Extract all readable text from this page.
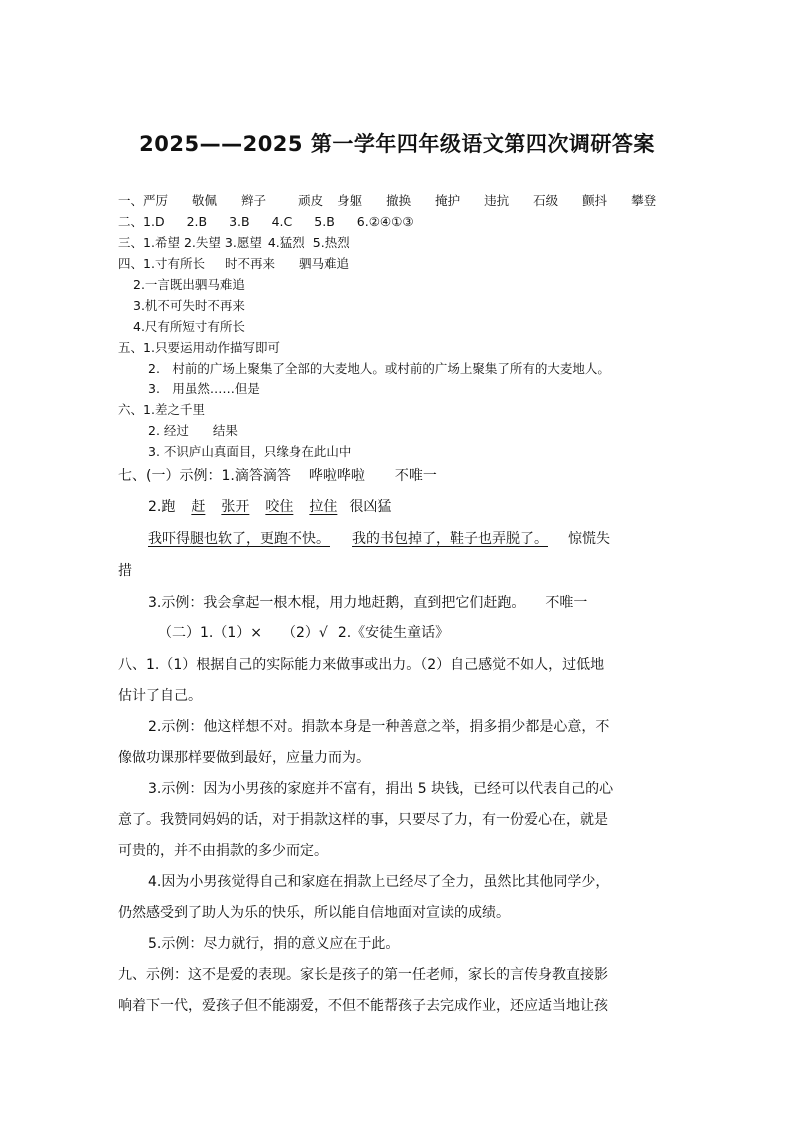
2025——2025 第一学年四年级语文第四次调研答案
一、严厉 敬佩 辫子	顽皮 身躯 撤换 掩护 违抗 石级 颤抖 攀登
二、1.D 2.B 3.B 4.C 5.B 6.②④①③
三、1.希望 2.失望 3.愿望 4.猛烈 5.热烈
四、1.寸有所长 时不再来 驷马难追
2.一言既出驷马难追
3.机不可失时不再来
4.尺有所短寸有所长
五、1.只要运用动作描写即可
2.　村前的广场上聚集了全部的大麦地人。或村前的广场上聚集了所有的大麦地人。
3.　用虽然……但是
六、1.差之千里
2. 经过 结果
3. 不识庐山真面目，只缘身在此山中
七、(一）示例：1.滴答滴答 哗啦哗啦 不唯一
2.跑 赶 张开 咬住 拉住 很凶猛
我吓得腿也软了，更跑不快。 我的书包掉了，鞋子也弄脱了。 惊慌失
措
3.示例：我会拿起一根木棍，用力地赶鹅，直到把它们赶跑。 不唯一
（二）1.（1）× （2）√ 2.《安徒生童话》
八、1.（1）根据自己的实际能力来做事或出力。（2）自己感觉不如人，过低地
估计了自己。
2.示例：他这样想不对。捐款本身是一种善意之举，捐多捐少都是心意，不
像做功课那样要做到最好，应量力而为。
3.示例：因为小男孩的家庭并不富有，捐出 5 块钱，已经可以代表自己的心
意了。我赞同妈妈的话，对于捐款这样的事，只要尽了力，有一份爱心在，就是
可贵的，并不由捐款的多少而定。
4.因为小男孩觉得自己和家庭在捐款上已经尽了全力，虽然比其他同学少，
仍然感受到了助人为乐的快乐，所以能自信地面对宣读的成绩。
5.示例：尽力就行，捐的意义应在于此。
九、示例：这不是爱的表现。家长是孩子的第一任老师，家长的言传身教直接影
响着下一代，爱孩子但不能溺爱，不但不能帮孩子去完成作业，还应适当地让孩
